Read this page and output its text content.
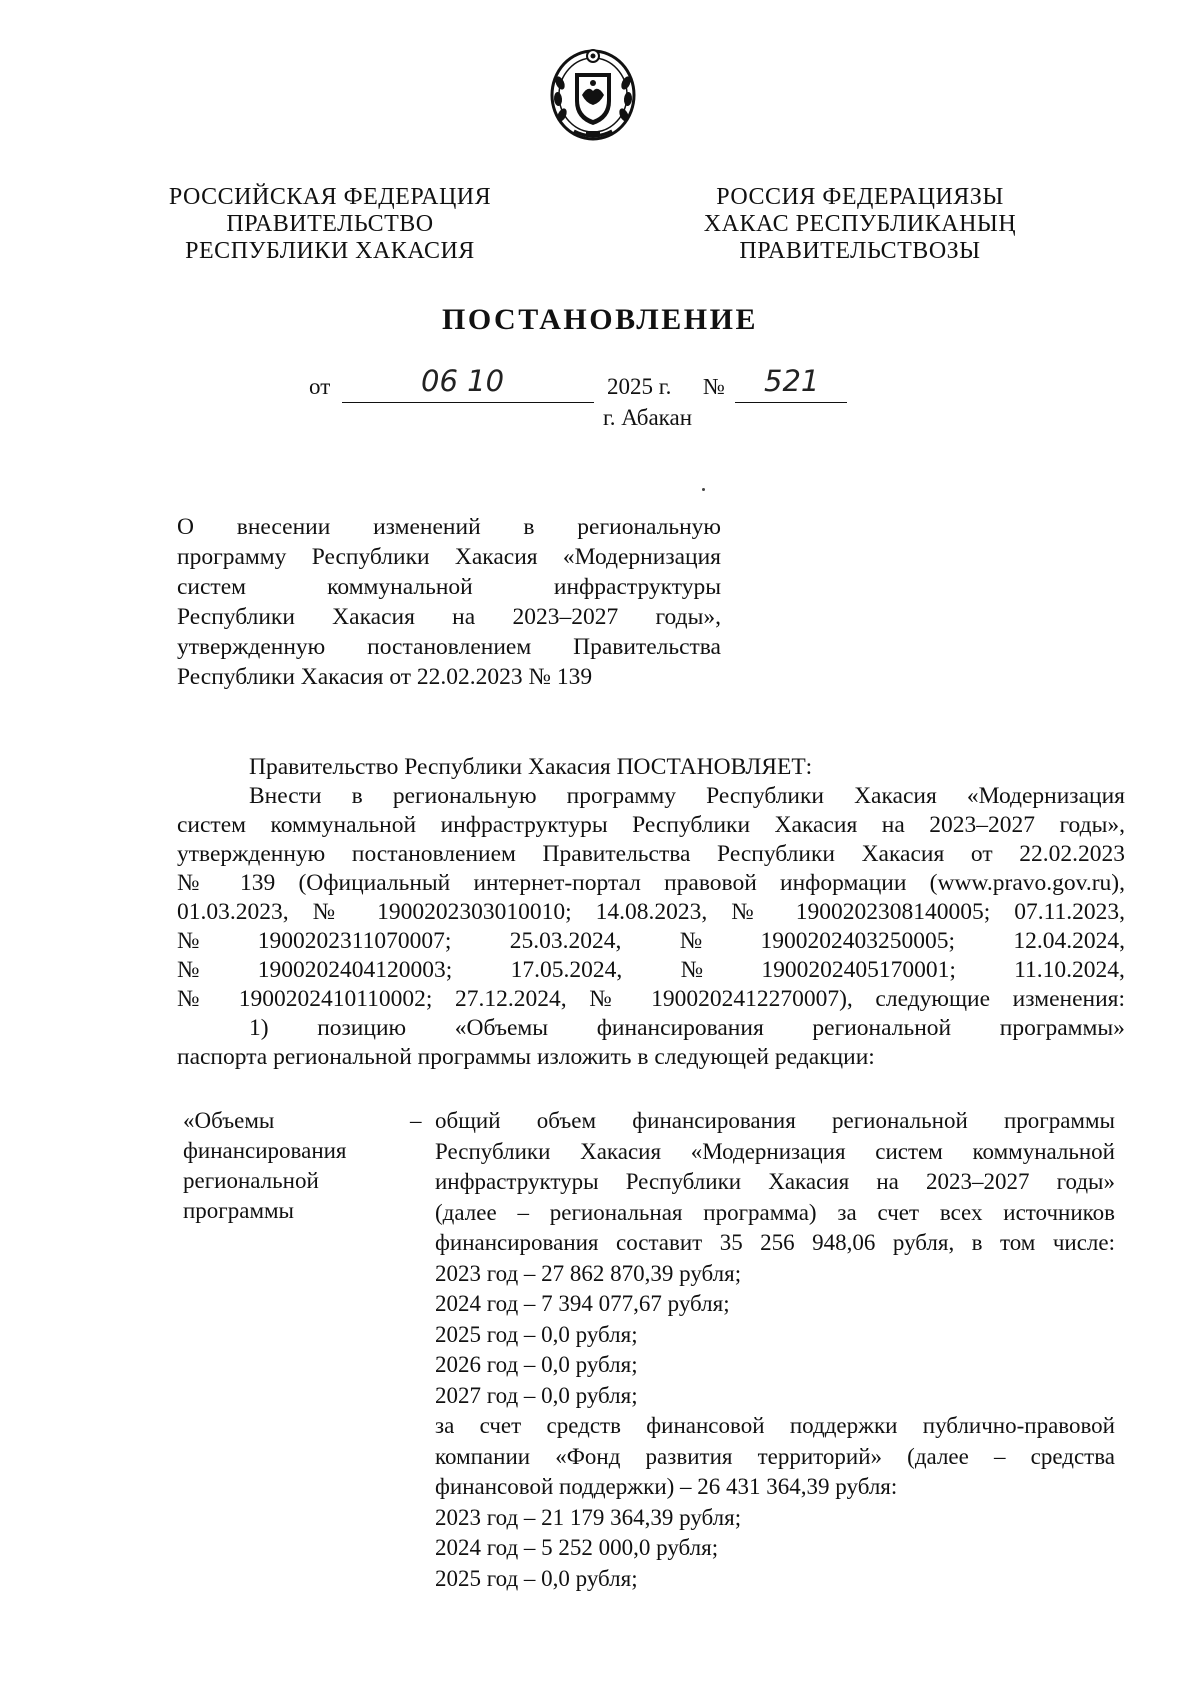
РОССИЙСКАЯ ФЕДЕРАЦИЯ
ПРАВИТЕЛЬСТВО
РЕСПУБЛИКИ ХАКАСИЯ
РОССИЯ ФЕДЕРАЦИЯЗЫ
ХАКАС РЕСПУБЛИКАНЫҢ
ПРАВИТЕЛЬСТВОЗЫ
ПОСТАНОВЛЕНИЕ
от	06 10	2025 г. № 521
г. Абакан
О внесении изменений в региональную
программу Республики Хакасия «Модернизация
систем коммунальной инфраструктуры
Республики Хакасия на 2023–2027 годы»,
утвержденную постановлением Правительства
Республики Хакасия от 22.02.2023 № 139
Правительство Республики Хакасия ПОСТАНОВЛЯЕТ:
Внести в региональную программу Республики Хакасия «Модернизация
систем коммунальной инфраструктуры Республики Хакасия на 2023–2027 годы»,
утвержденную постановлением Правительства Республики Хакасия от 22.02.2023
№ 139 (Официальный интернет-портал правовой информации (www.pravo.gov.ru),
01.03.2023, № 1900202303010010; 14.08.2023, № 1900202308140005; 07.11.2023,
№ 1900202311070007; 25.03.2024, № 1900202403250005; 12.04.2024,
№ 1900202404120003; 17.05.2024, № 1900202405170001; 11.10.2024,
№ 1900202410110002; 27.12.2024, № 1900202412270007), следующие изменения:
1) позицию «Объемы финансирования региональной программы»
паспорта региональной программы изложить в следующей редакции:
«Объемы
финансирования
региональной
программы
– общий объем финансирования региональной программы
Республики Хакасия «Модернизация систем коммунальной
инфраструктуры Республики Хакасия на 2023–2027 годы»
(далее – региональная программа) за счет всех источников
финансирования составит 35 256 948,06 рубля, в том числе:
2023 год – 27 862 870,39 рубля;
2024 год – 7 394 077,67 рубля;
2025 год – 0,0 рубля;
2026 год – 0,0 рубля;
2027 год – 0,0 рубля;
за счет средств финансовой поддержки публично-правовой
компании «Фонд развития территорий» (далее – средства
финансовой поддержки) – 26 431 364,39 рубля:
2023 год – 21 179 364,39 рубля;
2024 год – 5 252 000,0 рубля;
2025 год – 0,0 рубля;
